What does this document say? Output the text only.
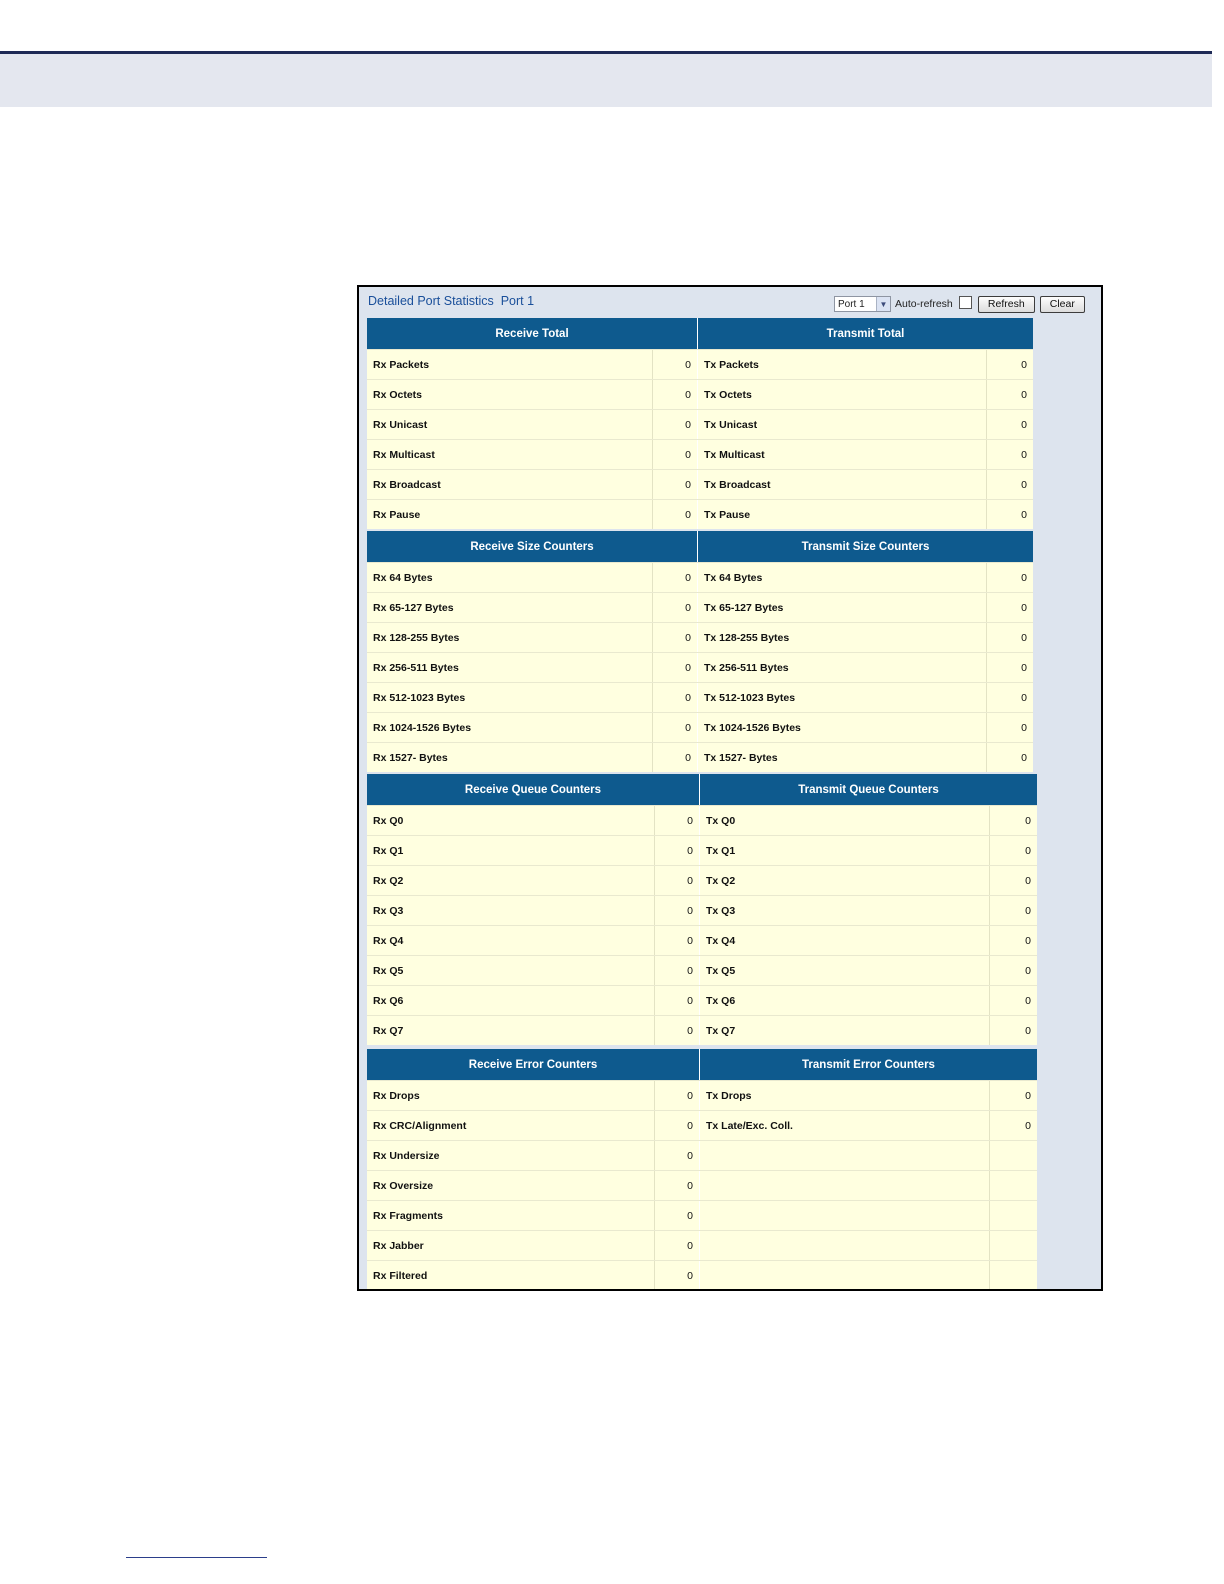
Detailed Port Statistics  Port 1	Port 1	▼ Auto-refresh	Refresh	Clear
Receive Total	Transmit Total
Rx Packets	0	Tx Packets	0
Rx Octets	0	Tx Octets	0
Rx Unicast	0	Tx Unicast	0
Rx Multicast	0	Tx Multicast	0
Rx Broadcast	0	Tx Broadcast	0
Rx Pause	0	Tx Pause	0
Receive Size Counters	Transmit Size Counters
Rx 64 Bytes	0	Tx 64 Bytes	0
Rx 65-127 Bytes	0	Tx 65-127 Bytes	0
Rx 128-255 Bytes	0	Tx 128-255 Bytes	0
Rx 256-511 Bytes	0	Tx 256-511 Bytes	0
Rx 512-1023 Bytes	0	Tx 512-1023 Bytes	0
Rx 1024-1526 Bytes	0	Tx 1024-1526 Bytes	0
Rx 1527- Bytes	0	Tx 1527- Bytes	0
Receive Queue Counters	Transmit Queue Counters
Rx Q0	0	Tx Q0	0
Rx Q1	0	Tx Q1	0
Rx Q2	0	Tx Q2	0
Rx Q3	0	Tx Q3	0
Rx Q4	0	Tx Q4	0
Rx Q5	0	Tx Q5	0
Rx Q6	0	Tx Q6	0
Rx Q7	0	Tx Q7	0
Receive Error Counters	Transmit Error Counters
Rx Drops	0	Tx Drops	0
Rx CRC/Alignment	0	Tx Late/Exc. Coll.	0
Rx Undersize	0
Rx Oversize	0
Rx Fragments	0
Rx Jabber	0
Rx Filtered	0
